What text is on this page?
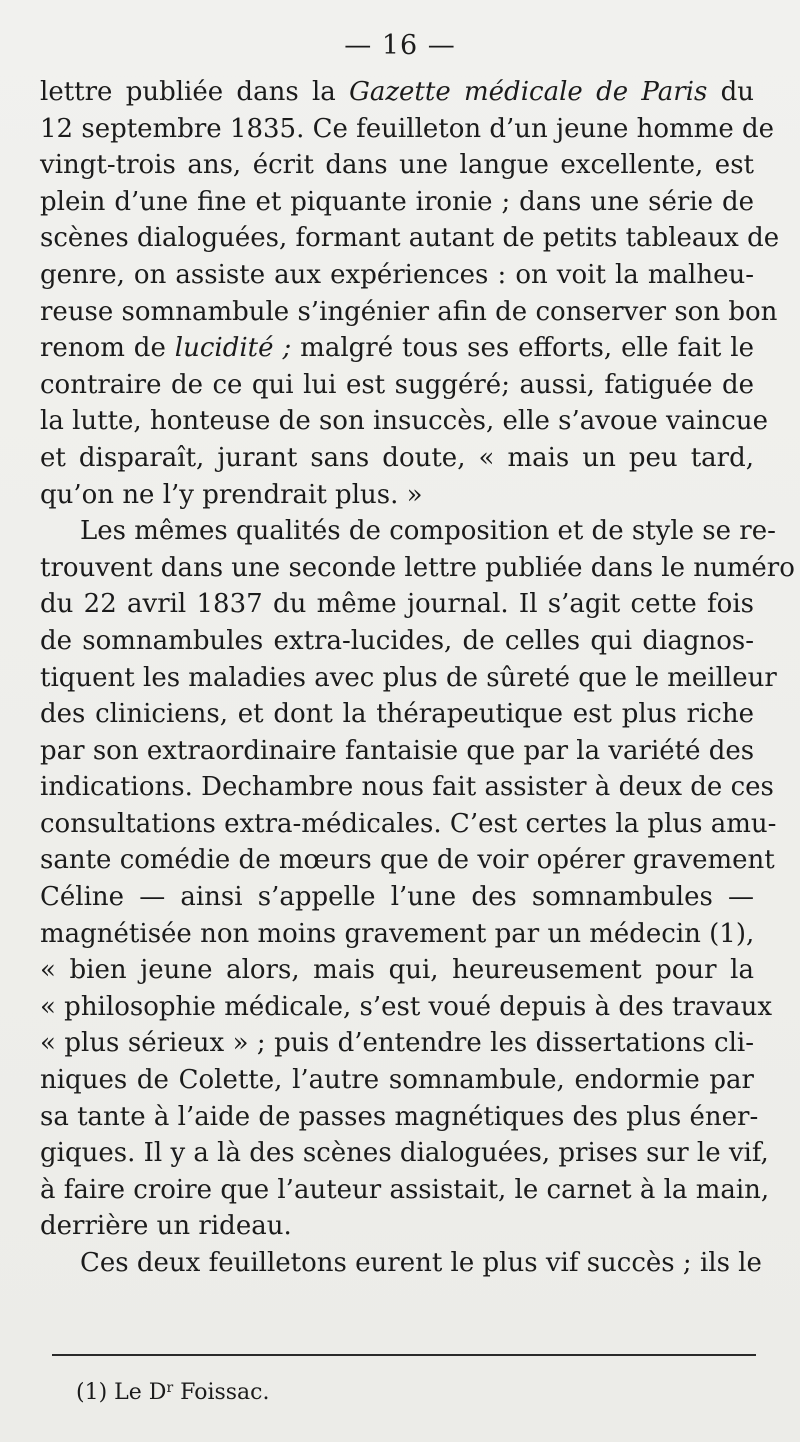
— 16 —
lettre publiée dans la Gazette médicale de Paris du
12 septembre 1835. Ce feuilleton d’un jeune homme de
vingt-trois ans, écrit dans une langue excellente, est
plein d’une fine et piquante ironie ; dans une série de
scènes dialoguées, formant autant de petits tableaux de
genre, on assiste aux expériences : on voit la malheu-
reuse somnambule s’ingénier afin de conserver son bon
renom de lucidité ; malgré tous ses efforts, elle fait le
contraire de ce qui lui est suggéré; aussi, fatiguée de
la lutte, honteuse de son insuccès, elle s’avoue vaincue
et disparaît, jurant sans doute, « mais un peu tard,
qu’on ne l’y prendrait plus. »
Les mêmes qualités de composition et de style se re-
trouvent dans une seconde lettre publiée dans le numéro
du 22 avril 1837 du même journal. Il s’agit cette fois
de somnambules extra-lucides, de celles qui diagnos-
tiquent les maladies avec plus de sûreté que le meilleur
des cliniciens, et dont la thérapeutique est plus riche
par son extraordinaire fantaisie que par la variété des
indications. Dechambre nous fait assister à deux de ces
consultations extra-médicales. C’est certes la plus amu-
sante comédie de mœurs que de voir opérer gravement
Céline — ainsi s’appelle l’une des somnambules —
magnétisée non moins gravement par un médecin (1),
« bien jeune alors, mais qui, heureusement pour la
« philosophie médicale, s’est voué depuis à des travaux
« plus sérieux » ; puis d’entendre les dissertations cli-
niques de Colette, l’autre somnambule, endormie par
sa tante à l’aide de passes magnétiques des plus éner-
giques. Il y a là des scènes dialoguées, prises sur le vif,
à faire croire que l’auteur assistait, le carnet à la main,
derrière un rideau.
Ces deux feuilletons eurent le plus vif succès ; ils le
(1) Le $D^r$ Foissac.
